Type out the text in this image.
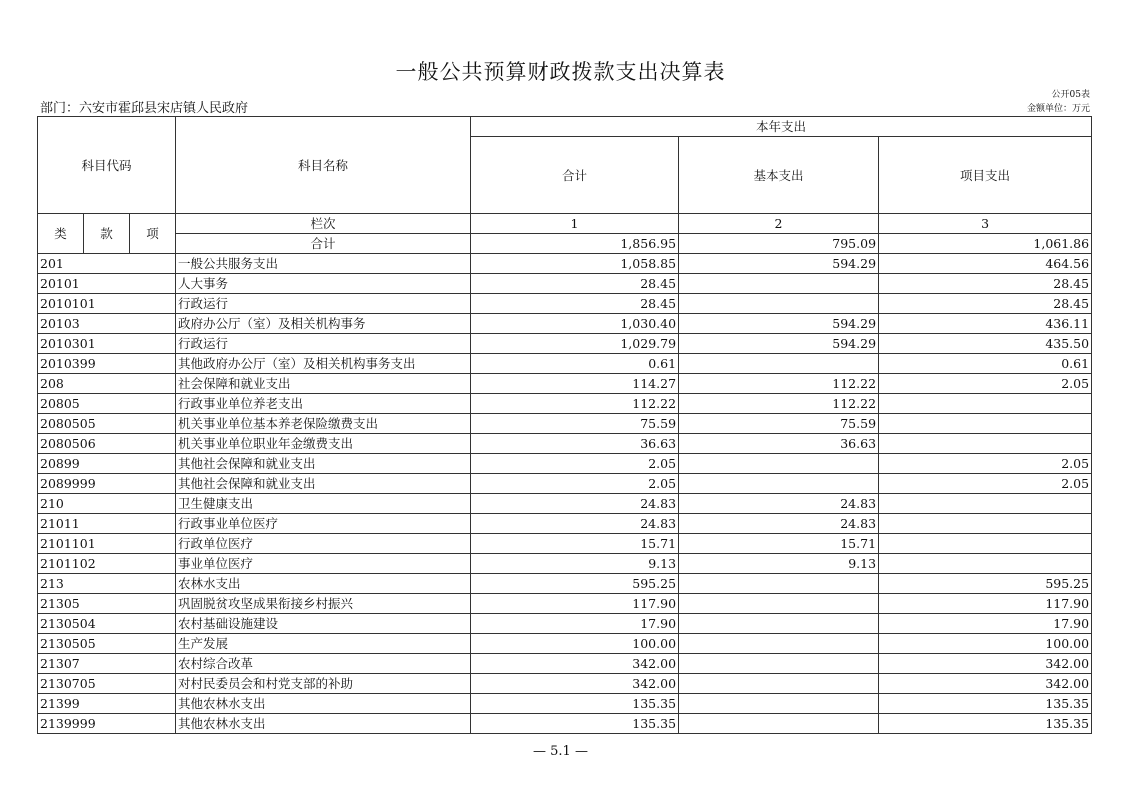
一般公共预算财政拨款支出决算表
公开05表
金额单位：万元
部门：六安市霍邱县宋店镇人民政府
科目代码			科目名称	本年支出		
				合计	基本支出	项目支出
类	款	项	栏次	1	2	3
			合计	1,856.95	795.09	1,061.86
201			一般公共服务支出	1,058.85	594.29	464.56
20101			人大事务	28.45		28.45
2010101			行政运行	28.45		28.45
20103			政府办公厅（室）及相关机构事务	1,030.40	594.29	436.11
2010301			行政运行	1,029.79	594.29	435.50
2010399			其他政府办公厅（室）及相关机构事务支出	0.61		0.61
208			社会保障和就业支出	114.27	112.22	2.05
20805			行政事业单位养老支出	112.22	112.22	
2080505			机关事业单位基本养老保险缴费支出	75.59	75.59	
2080506			机关事业单位职业年金缴费支出	36.63	36.63	
20899			其他社会保障和就业支出	2.05		2.05
2089999			其他社会保障和就业支出	2.05		2.05
210			卫生健康支出	24.83	24.83	
21011			行政事业单位医疗	24.83	24.83	
2101101			行政单位医疗	15.71	15.71	
2101102			事业单位医疗	9.13	9.13	
213			农林水支出	595.25		595.25
21305			巩固脱贫攻坚成果衔接乡村振兴	117.90		117.90
2130504			农村基础设施建设	17.90		17.90
2130505			生产发展	100.00		100.00
21307			农村综合改革	342.00		342.00
2130705			对村民委员会和村党支部的补助	342.00		342.00
21399			其他农林水支出	135.35		135.35
2139999			其他农林水支出	135.35		135.35
— 5.1 —
